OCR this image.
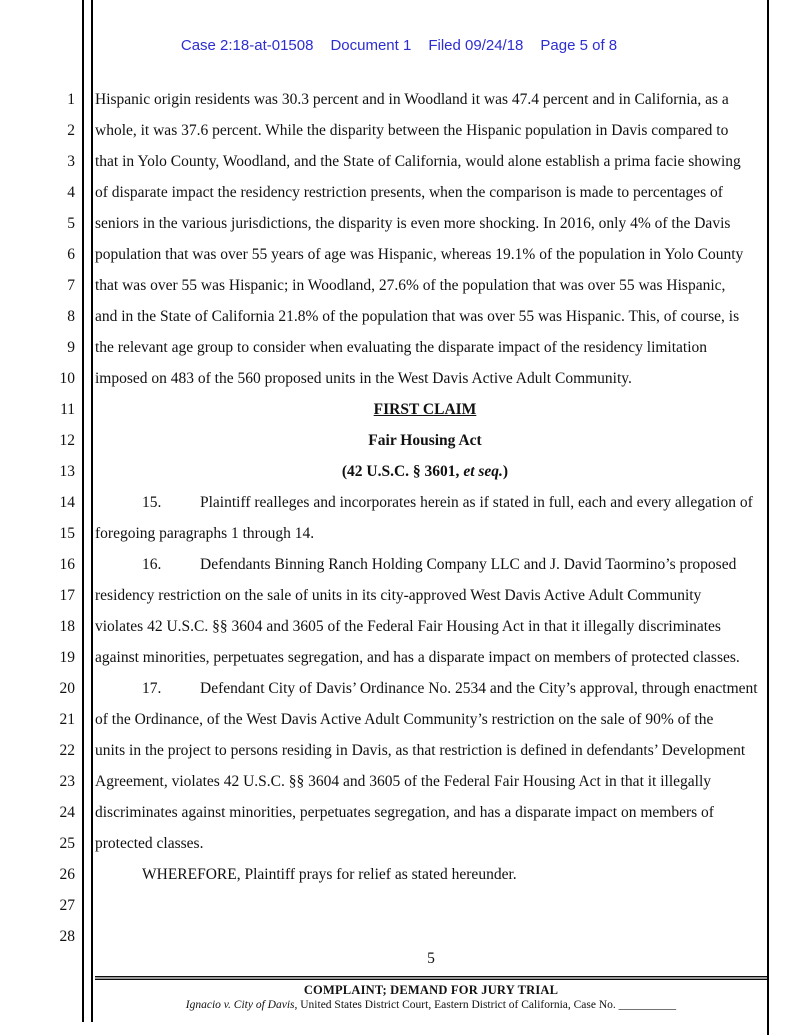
Case 2:18-at-01508 Document 1 Filed 09/24/18 Page 5 of 8
1 Hispanic origin residents was 30.3 percent and in Woodland it was 47.4 percent and in California, as a
2 whole, it was 37.6 percent. While the disparity between the Hispanic population in Davis compared to
3 that in Yolo County, Woodland, and the State of California, would alone establish a prima facie showing
4 of disparate impact the residency restriction presents, when the comparison is made to percentages of
5 seniors in the various jurisdictions, the disparity is even more shocking. In 2016, only 4% of the Davis
6 population that was over 55 years of age was Hispanic, whereas 19.1% of the population in Yolo County
7 that was over 55 was Hispanic; in Woodland, 27.6% of the population that was over 55 was Hispanic,
8 and in the State of California 21.8% of the population that was over 55 was Hispanic. This, of course, is
9 the relevant age group to consider when evaluating the disparate impact of the residency limitation
10 imposed on 483 of the 560 proposed units in the West Davis Active Adult Community.
11	FIRST CLAIM
12	Fair Housing Act
13	(42 U.S.C. § 3601, et seq.)
14	15. Plaintiff realleges and incorporates herein as if stated in full, each and every allegation of
15 foregoing paragraphs 1 through 14.
16	16. Defendants Binning Ranch Holding Company LLC and J. David Taormino’s proposed
17 residency restriction on the sale of units in its city-approved West Davis Active Adult Community
18 violates 42 U.S.C. §§ 3604 and 3605 of the Federal Fair Housing Act in that it illegally discriminates
19 against minorities, perpetuates segregation, and has a disparate impact on members of protected classes.
20	17. Defendant City of Davis’ Ordinance No. 2534 and the City’s approval, through enactment
21 of the Ordinance, of the West Davis Active Adult Community’s restriction on the sale of 90% of the
22 units in the project to persons residing in Davis, as that restriction is defined in defendants’ Development
23 Agreement, violates 42 U.S.C. §§ 3604 and 3605 of the Federal Fair Housing Act in that it illegally
24 discriminates against minorities, perpetuates segregation, and has a disparate impact on members of
25 protected classes.
26	WHEREFORE, Plaintiff prays for relief as stated hereunder.
27
28
5
COMPLAINT; DEMAND FOR JURY TRIAL
Ignacio v. City of Davis, United States District Court, Eastern District of California, Case No. __________
